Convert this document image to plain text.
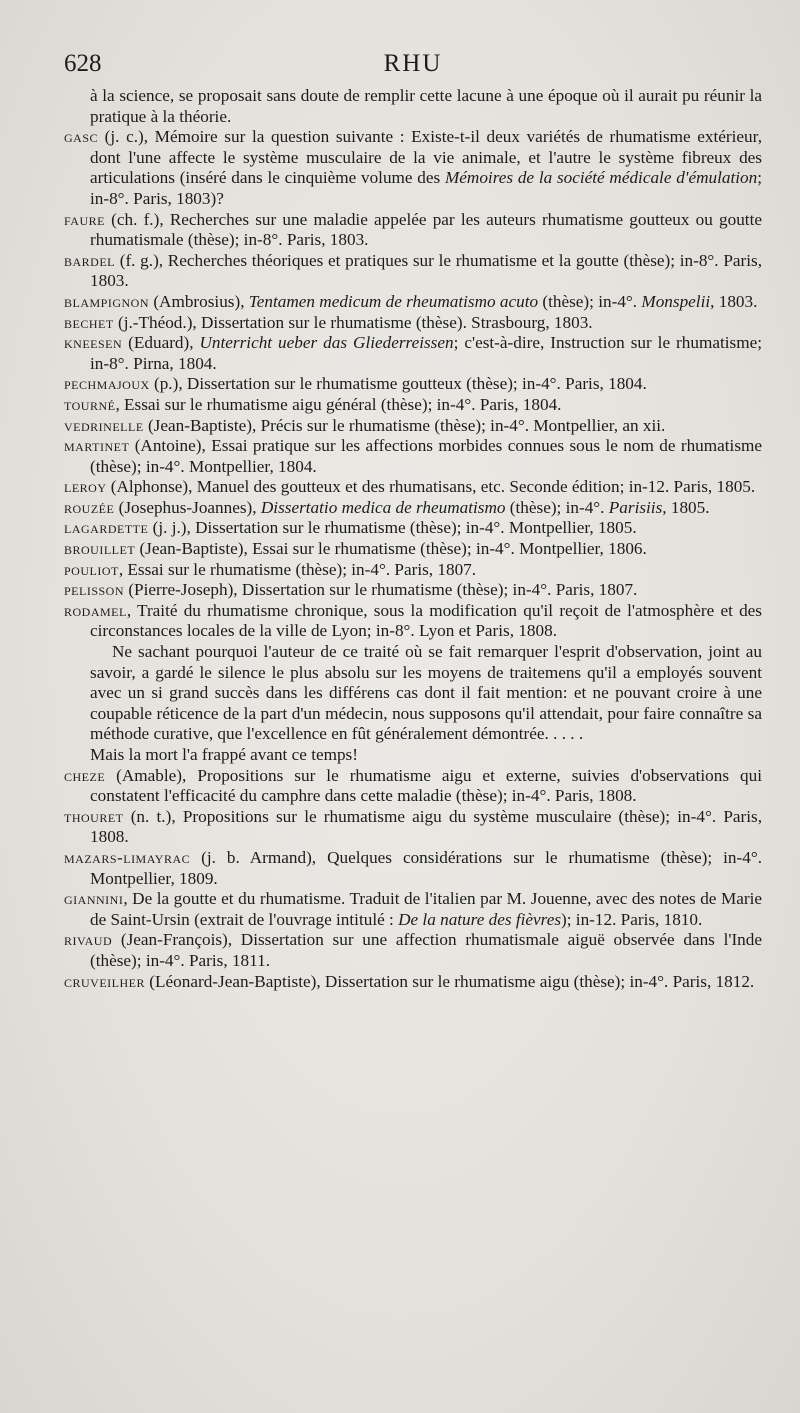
628	RHU

à la science, se proposait sans doute de remplir cette lacune à une époque où il aurait pu réunir la pratique à la théorie.

gasc (j. c.), Mémoire sur la question suivante : Existe-t-il deux variétés de rhumatisme extérieur, dont l'une affecte le système musculaire de la vie animale, et l'autre le système fibreux des articulations (inséré dans le cinquième volume des Mémoires de la société médicale d'émulation; in-8°. Paris, 1803)?

faure (ch. f.), Recherches sur une maladie appelée par les auteurs rhumatisme goutteux ou goutte rhumatismale (thèse); in-8°. Paris, 1803.

bardel (f. g.), Recherches théoriques et pratiques sur le rhumatisme et la goutte (thèse); in-8°. Paris, 1803.

blampignon (Ambrosius), Tentamen medicum de rheumatismo acuto (thèse); in-4°. Monspelii, 1803.

bechet (j.-Théod.), Dissertation sur le rhumatisme (thèse). Strasbourg, 1803.

kneesen (Eduard), Unterricht ueber das Gliederreissen; c'est-à-dire, Instruction sur le rhumatisme; in-8°. Pirna, 1804.

pechmajoux (p.), Dissertation sur le rhumatisme goutteux (thèse); in-4°. Paris, 1804.

tourné, Essai sur le rhumatisme aigu général (thèse); in-4°. Paris, 1804.

vedrinelle (Jean-Baptiste), Précis sur le rhumatisme (thèse); in-4°. Montpellier, an xii.

martinet (Antoine), Essai pratique sur les affections morbides connues sous le nom de rhumatisme (thèse); in-4°. Montpellier, 1804.

leroy (Alphonse), Manuel des goutteux et des rhumatisans, etc. Seconde édition; in-12. Paris, 1805.

rouzée (Josephus-Joannes), Dissertatio medica de rheumatismo (thèse); in-4°. Parisiis, 1805.

lagardette (j. j.), Dissertation sur le rhumatisme (thèse); in-4°. Montpellier, 1805.

brouillet (Jean-Baptiste), Essai sur le rhumatisme (thèse); in-4°. Montpellier, 1806.

pouliot, Essai sur le rhumatisme (thèse); in-4°. Paris, 1807.

pelisson (Pierre-Joseph), Dissertation sur le rhumatisme (thèse); in-4°. Paris, 1807.

rodamel, Traité du rhumatisme chronique, sous la modification qu'il reçoit de l'atmosphère et des circonstances locales de la ville de Lyon; in-8°. Lyon et Paris, 1808.

Ne sachant pourquoi l'auteur de ce traité où se fait remarquer l'esprit d'observation, joint au savoir, a gardé le silence le plus absolu sur les moyens de traitemens qu'il a employés souvent avec un si grand succès dans les différens cas dont il fait mention: et ne pouvant croire à une coupable réticence de la part d'un médecin, nous supposons qu'il attendait, pour faire connaître sa méthode curative, que l'excellence en fût généralement démontrée. . . . .

Mais la mort l'a frappé avant ce temps!

cheze (Amable), Propositions sur le rhumatisme aigu et externe, suivies d'observations qui constatent l'efficacité du camphre dans cette maladie (thèse); in-4°. Paris, 1808.

thouret (n. t.), Propositions sur le rhumatisme aigu du système musculaire (thèse); in-4°. Paris, 1808.

mazars-limayrac (j. b. Armand), Quelques considérations sur le rhumatisme (thèse); in-4°. Montpellier, 1809.

giannini, De la goutte et du rhumatisme. Traduit de l'italien par M. Jouenne, avec des notes de Marie de Saint-Ursin (extrait de l'ouvrage intitulé : De la nature des fièvres); in-12. Paris, 1810.

rivaud (Jean-François), Dissertation sur une affection rhumatismale aiguë observée dans l'Inde (thèse); in-4°. Paris, 1811.

cruveilher (Léonard-Jean-Baptiste), Dissertation sur le rhumatisme aigu (thèse); in-4°. Paris, 1812.
